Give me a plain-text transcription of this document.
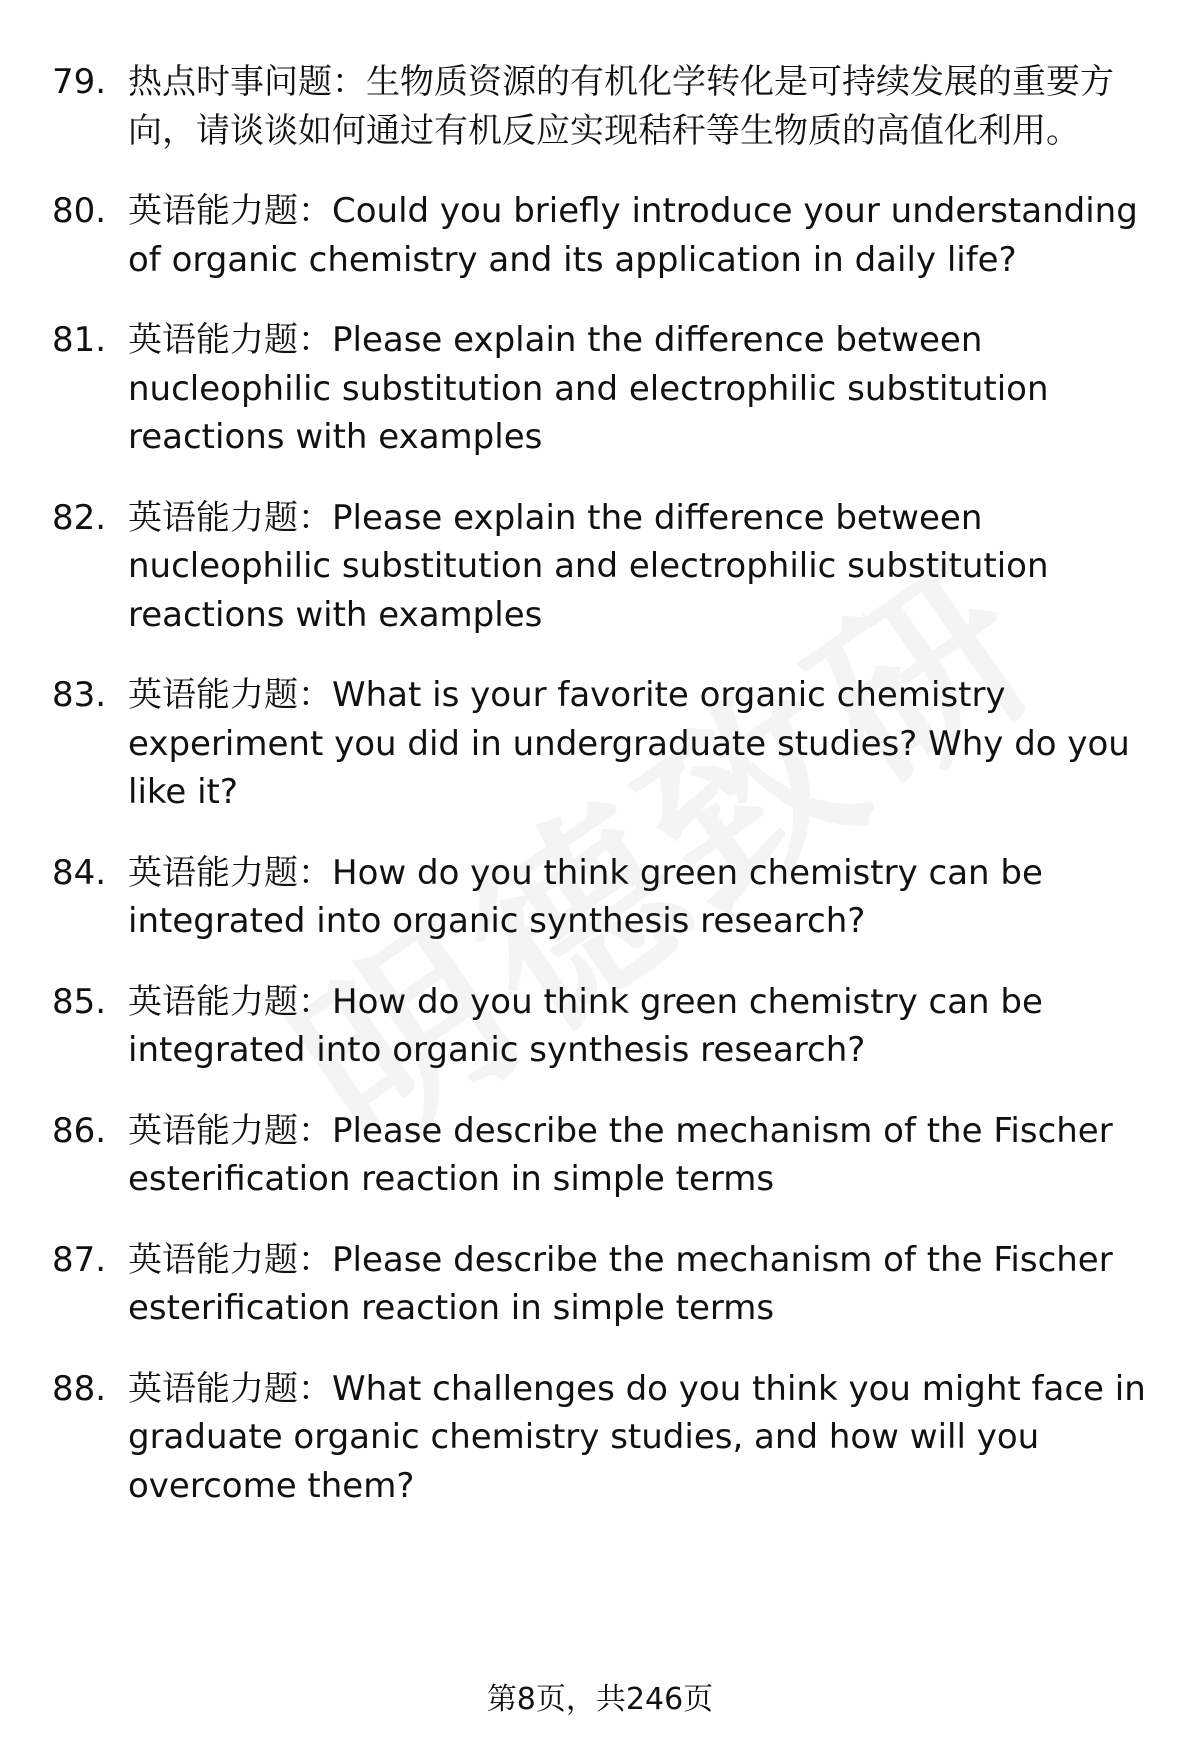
79. 热点时事问题：生物质资源的有机化学转化是可持续发展的重要方向，请谈谈如何通过有机反应实现秸秆等生物质的高值化利用。
80. 英语能力题：Could you briefly introduce your understanding of organic chemistry and its application in daily life?
81. 英语能力题：Please explain the difference between nucleophilic substitution and electrophilic substitution reactions with examples
82. 英语能力题：Please explain the difference between nucleophilic substitution and electrophilic substitution reactions with examples
83. 英语能力题：What is your favorite organic chemistry experiment you did in undergraduate studies? Why do you like it?
84. 英语能力题：How do you think green chemistry can be integrated into organic synthesis research?
85. 英语能力题：How do you think green chemistry can be integrated into organic synthesis research?
86. 英语能力题：Please describe the mechanism of the Fischer esterification reaction in simple terms
87. 英语能力题：Please describe the mechanism of the Fischer esterification reaction in simple terms
88. 英语能力题：What challenges do you think you might face in graduate organic chemistry studies, and how will you overcome them?
第8页，共246页
